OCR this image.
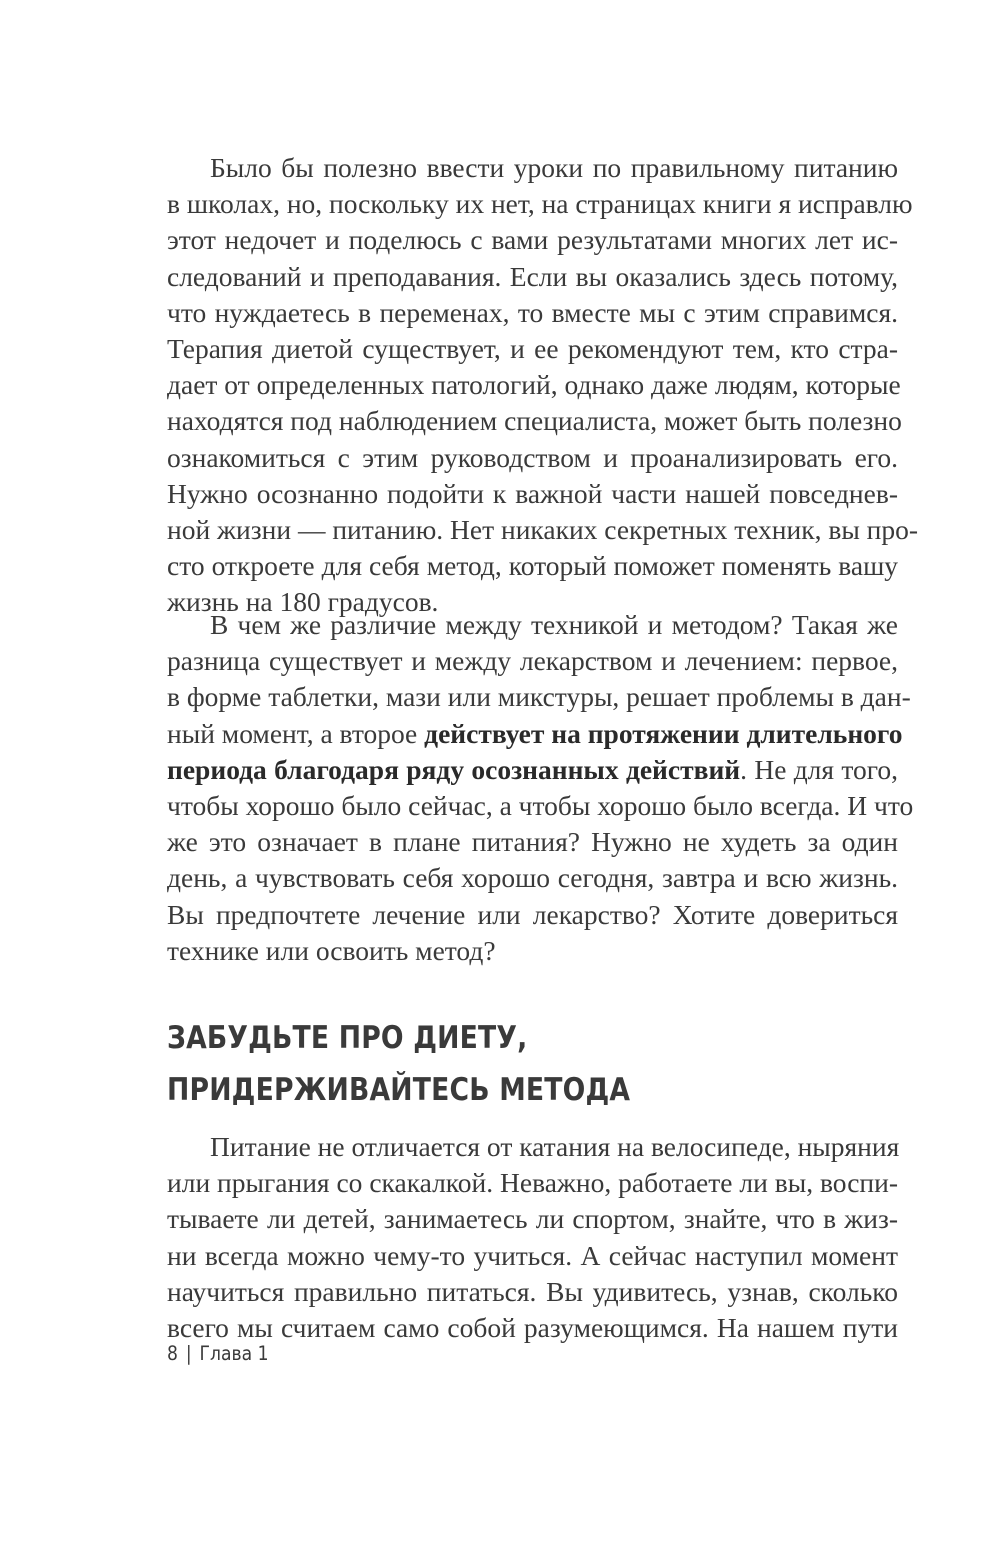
Было бы полезно ввести уроки по правильному питанию
в школах, но, поскольку их нет, на страницах книги я исправлю
этот недочет и поделюсь с вами результатами многих лет ис-
следований и преподавания. Если вы оказались здесь потому,
что нуждаетесь в переменах, то вместе мы с этим справимся.
Терапия диетой существует, и ее рекомендуют тем, кто стра-
дает от определенных патологий, однако даже людям, которые
находятся под наблюдением специалиста, может быть полезно
ознакомиться с этим руководством и проанализировать его.
Нужно осознанно подойти к важной части нашей повседнев-
ной жизни — питанию. Нет никаких секретных техник, вы про-
сто откроете для себя метод, который поможет поменять вашу
жизнь на 180 градусов.
В чем же различие между техникой и методом? Такая же
разница существует и между лекарством и лечением: первое,
в форме таблетки, мази или микстуры, решает проблемы в дан-
ный момент, а второе действует на протяжении длительного
периода благодаря ряду осознанных действий. Не для того,
чтобы хорошо было сейчас, а чтобы хорошо было всегда. И что
же это означает в плане питания? Нужно не худеть за один
день, а чувствовать себя хорошо сегодня, завтра и всю жизнь.
Вы предпочтете лечение или лекарство? Хотите довериться
технике или освоить метод?
ЗАБУДЬТЕ ПРО ДИЕТУ,
ПРИДЕРЖИВАЙТЕСЬ МЕТОДА
Питание не отличается от катания на велосипеде, ныряния
или прыгания со скакалкой. Неважно, работаете ли вы, воспи-
тываете ли детей, занимаетесь ли спортом, знайте, что в жиз-
ни всегда можно чему-то учиться. А сейчас наступил момент
научиться правильно питаться. Вы удивитесь, узнав, сколько
всего мы считаем само собой разумеющимся. На нашем пути
8 | Глава 1
